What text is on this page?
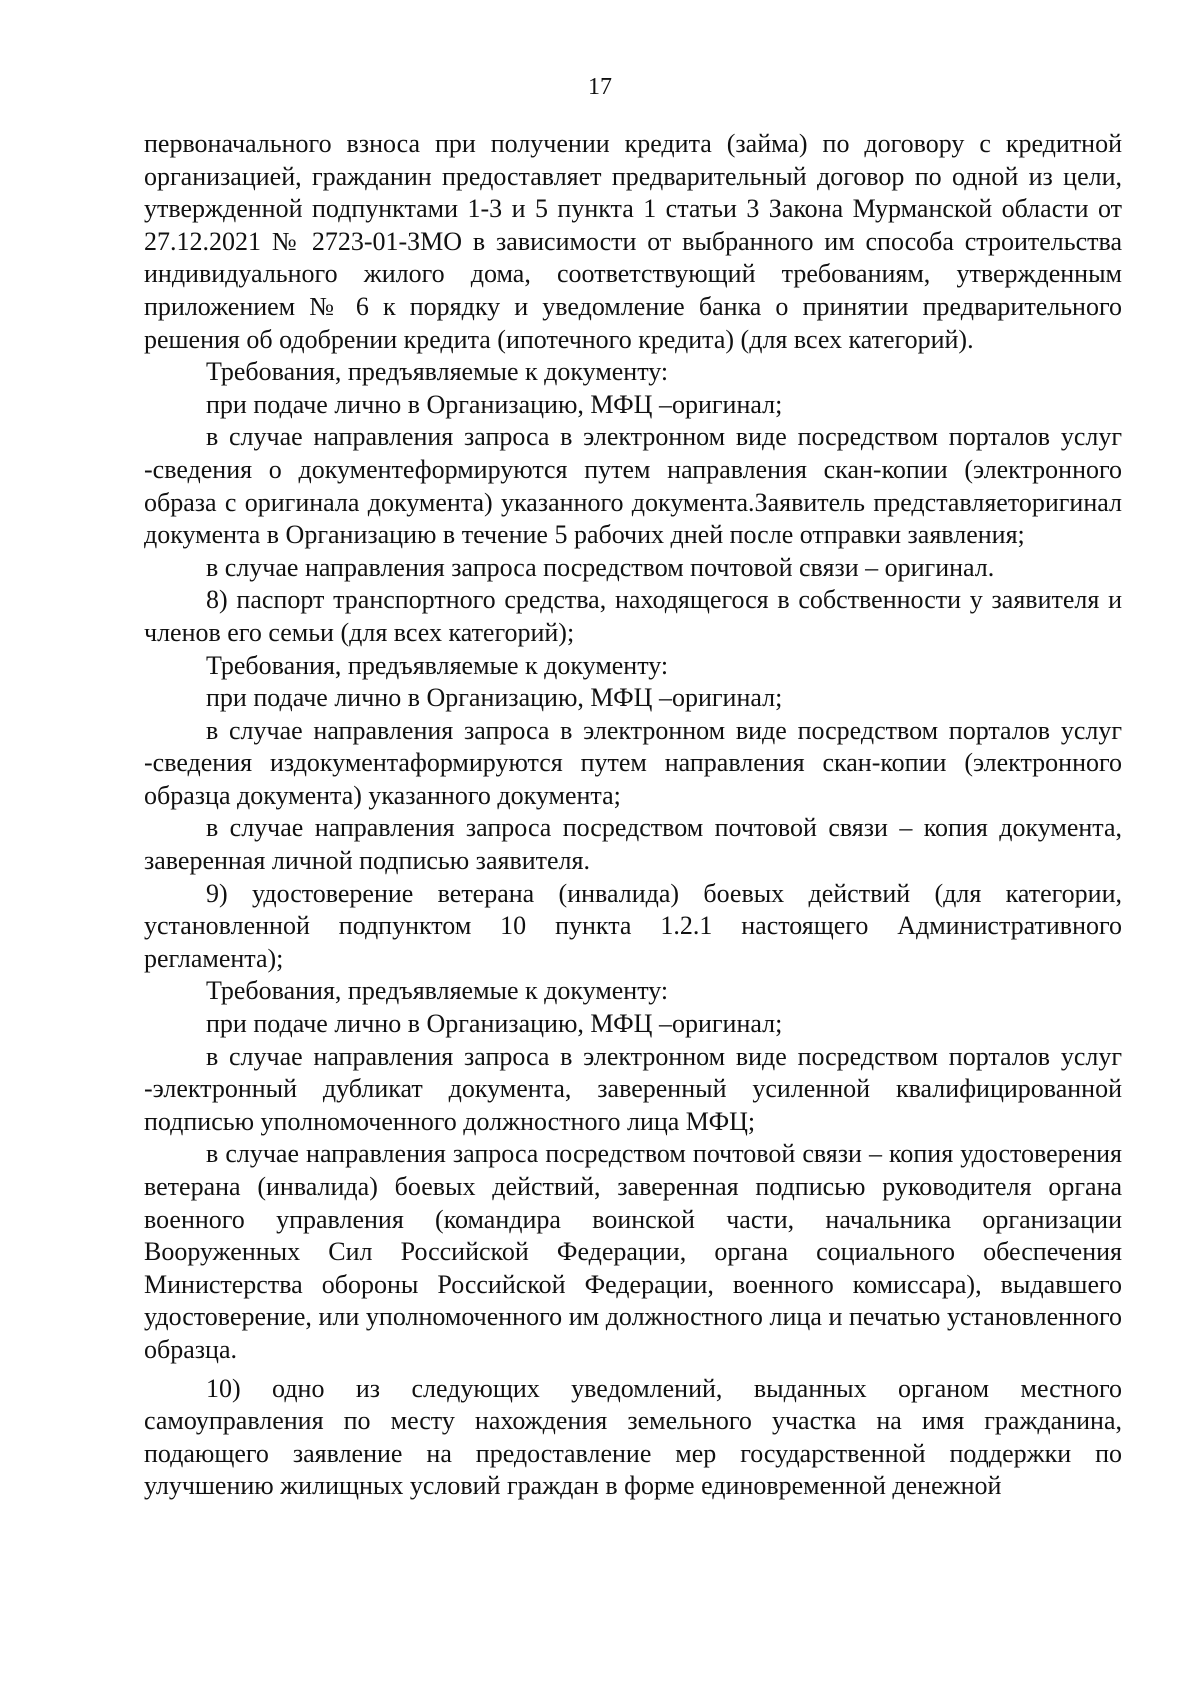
17

первоначального взноса при получении кредита (займа) по договору с кредитной организацией, гражданин предоставляет предварительный договор по одной из цели, утвержденной подпунктами 1-3 и 5 пункта 1 статьи 3 Закона Мурманской области от 27.12.2021 № 2723-01-ЗМО в зависимости от выбранного им способа строительства индивидуального жилого дома, соответствующий требованиям, утвержденным приложением № 6 к порядку и уведомление банка о принятии предварительного решения об одобрении кредита (ипотечного кредита) (для всех категорий).

Требования, предъявляемые к документу:

при подаче лично в Организацию, МФЦ –оригинал;

в случае направления запроса в электронном виде посредством порталов услуг -сведения о документеформируются путем направления скан-копии (электронного образа с оригинала документа) указанного документа.Заявитель представляеторигинал документа в Организацию в течение 5 рабочих дней после отправки заявления;

в случае направления запроса посредством почтовой связи – оригинал.

8) паспорт транспортного средства, находящегося в собственности у заявителя и членов его семьи (для всех категорий);

Требования, предъявляемые к документу:

при подаче лично в Организацию, МФЦ –оригинал;

в случае направления запроса в электронном виде посредством порталов услуг -сведения издокументаформируются путем направления скан-копии (электронного образца документа) указанного документа;

в случае направления запроса посредством почтовой связи – копия документа, заверенная личной подписью заявителя.

9) удостоверение ветерана (инвалида) боевых действий (для категории, установленной подпунктом 10 пункта 1.2.1 настоящего Административного регламента);

Требования, предъявляемые к документу:

при подаче лично в Организацию, МФЦ –оригинал;

в случае направления запроса в электронном виде посредством порталов услуг -электронный дубликат документа, заверенный усиленной квалифицированной подписью уполномоченного должностного лица МФЦ;

в случае направления запроса посредством почтовой связи – копия удостоверения ветерана (инвалида) боевых действий, заверенная подписью руководителя органа военного управления (командира воинской части, начальника организации Вооруженных Сил Российской Федерации, органа социального обеспечения Министерства обороны Российской Федерации, военного комиссара), выдавшего удостоверение, или уполномоченного им должностного лица и печатью установленного образца.

10) одно из следующих уведомлений, выданных органом местного самоуправления по месту нахождения земельного участка на имя гражданина, подающего заявление на предоставление мер государственной поддержки по улучшению жилищных условий граждан в форме единовременной денежной
